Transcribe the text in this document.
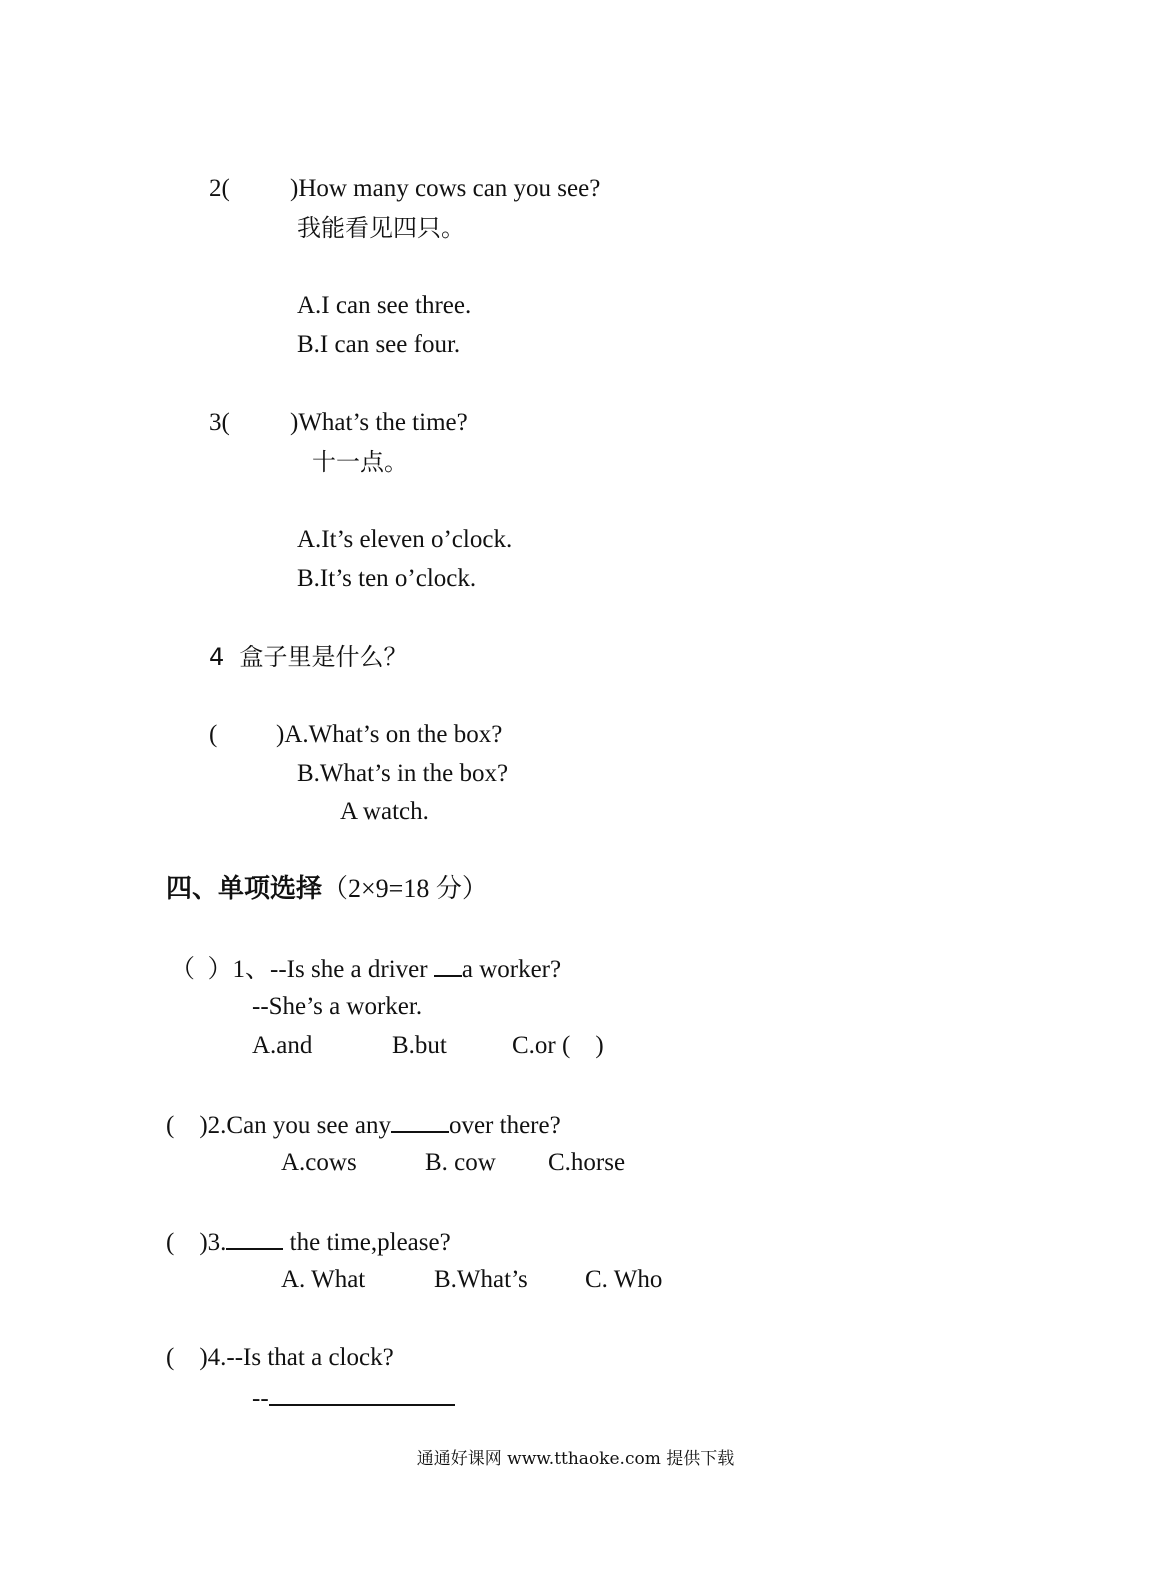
2( )How many cows can you see?
我能看见四只。
A.I can see three.
B.I can see four.
3( )What’s the time?
十一点。
A.It’s eleven o’clock.
B.It’s ten o’clock.
4  盒子里是什么？
( )A.What’s on the box?
B.What’s in the box?
A watch.
四、单项选择（2×9=18 分）
（  ）1、--Is she a driver a worker?
--She’s a worker.
A.and	B.but	C.or (    )
(    )2.Can you see any over there?
A.cows	B. cow C.horse
(    )3. the time,please?
A. What	B.What’s C. Who
(    )4.--Is that a clock?
--
通通好课网 www.tthaoke.com 提供下载
